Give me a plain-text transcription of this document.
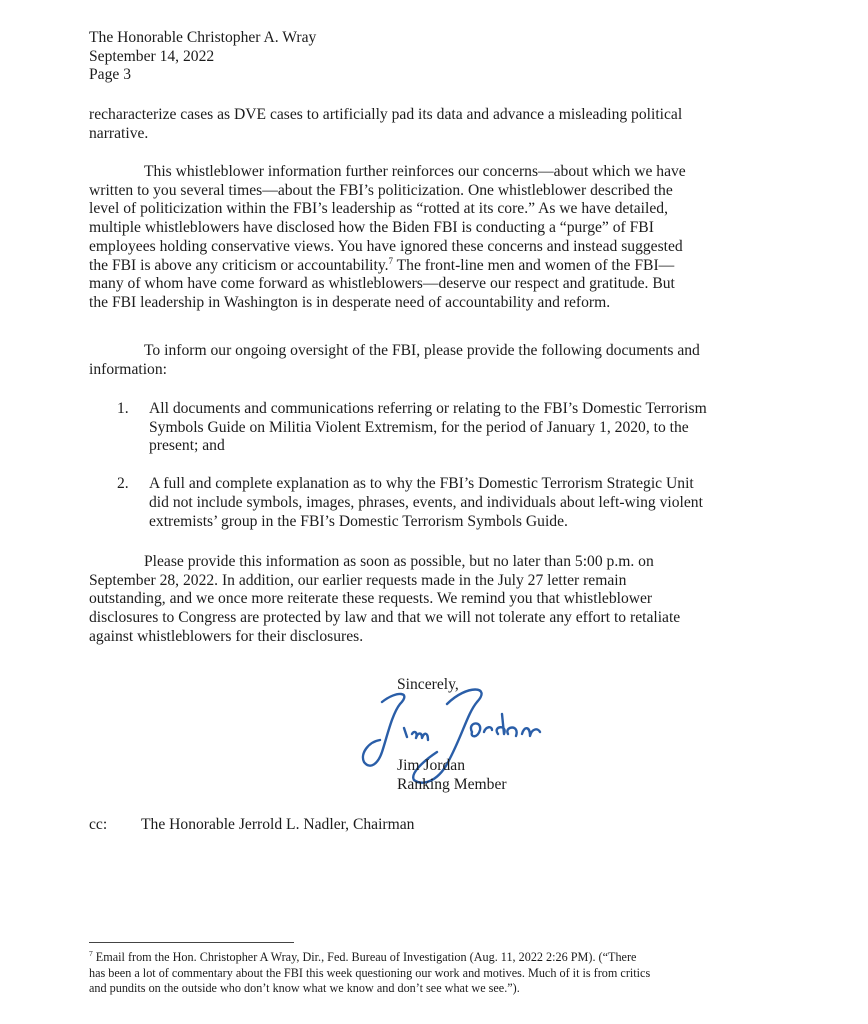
The Honorable Christopher A. Wray
September 14, 2022
Page 3
recharacterize cases as DVE cases to artificially pad its data and advance a misleading political
narrative.
This whistleblower information further reinforces our concerns—about which we have
written to you several times—about the FBI’s politicization. One whistleblower described the
level of politicization within the FBI’s leadership as “rotted at its core.” As we have detailed,
multiple whistleblowers have disclosed how the Biden FBI is conducting a “purge” of FBI
employees holding conservative views. You have ignored these concerns and instead suggested
the FBI is above any criticism or accountability.$^7$ The front-line men and women of the FBI—
many of whom have come forward as whistleblowers—deserve our respect and gratitude. But
the FBI leadership in Washington is in desperate need of accountability and reform.
To inform our ongoing oversight of the FBI, please provide the following documents and
information:
1. All documents and communications referring or relating to the FBI’s Domestic Terrorism
Symbols Guide on Militia Violent Extremism, for the period of January 1, 2020, to the
present; and
2. A full and complete explanation as to why the FBI’s Domestic Terrorism Strategic Unit
did not include symbols, images, phrases, events, and individuals about left-wing violent
extremists’ group in the FBI’s Domestic Terrorism Symbols Guide.
Please provide this information as soon as possible, but no later than 5:00 p.m. on
September 28, 2022. In addition, our earlier requests made in the July 27 letter remain
outstanding, and we once more reiterate these requests. We remind you that whistleblower
disclosures to Congress are protected by law and that we will not tolerate any effort to retaliate
against whistleblowers for their disclosures.
Sincerely,
Jim Jordan
Ranking Member
cc: The Honorable Jerrold L. Nadler, Chairman
$^7$ Email from the Hon. Christopher A Wray, Dir., Fed. Bureau of Investigation (Aug. 11, 2022 2:26 PM). (“There
has been a lot of commentary about the FBI this week questioning our work and motives. Much of it is from critics
and pundits on the outside who don’t know what we know and don’t see what we see.”).
